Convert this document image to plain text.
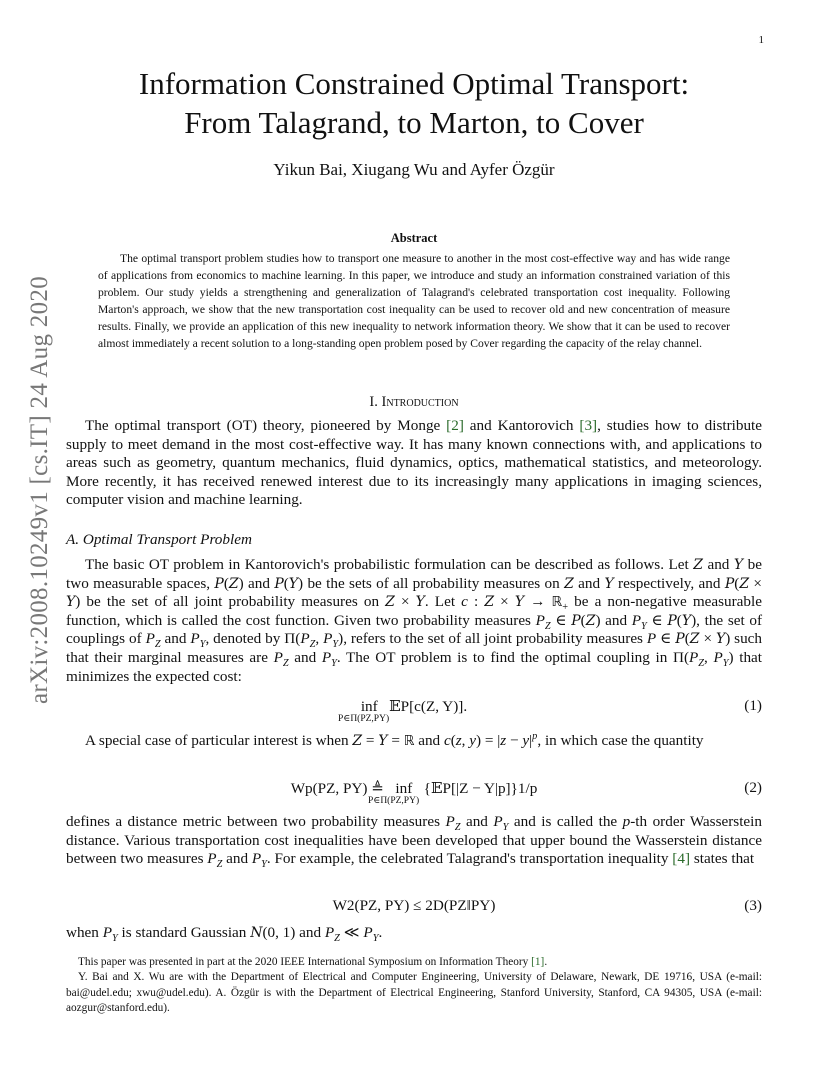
1
arXiv:2008.10249v1 [cs.IT] 24 Aug 2020
Information Constrained Optimal Transport:
From Talagrand, to Marton, to Cover
Yikun Bai, Xiugang Wu and Ayfer Özgür
Abstract

The optimal transport problem studies how to transport one measure to another in the most cost-effective way and has wide range of applications from economics to machine learning. In this paper, we introduce and study an information constrained variation of this problem. Our study yields a strengthening and generalization of Talagrand's celebrated transportation cost inequality. Following Marton's approach, we show that the new transportation cost inequality can be used to recover old and new concentration of measure results. Finally, we provide an application of this new inequality to network information theory. We show that it can be used to recover almost immediately a recent solution to a long-standing open problem posed by Cover regarding the capacity of the relay channel.

I. Introduction

The optimal transport (OT) theory, pioneered by Monge [2] and Kantorovich [3], studies how to distribute supply to meet demand in the most cost-effective way. It has many known connections with, and applications to areas such as geometry, quantum mechanics, fluid dynamics, optics, mathematical statistics, and meteorology. More recently, it has received renewed interest due to its increasingly many applications in imaging sciences, computer vision and machine learning.

A. Optimal Transport Problem

The basic OT problem in Kantorovich's probabilistic formulation can be described as follows. Let Z and Y be two measurable spaces, P(Z) and P(Y) be the sets of all probability measures on Z and Y respectively, and P(Z × Y) be the set of all joint probability measures on Z × Y. Let c : Z × Y → ℝ$_+$ be a non-negative measurable function, which is called the cost function. Given two probability measures $P_Z$ ∈ P(Z) and $P_Y$ ∈ P(Y), the set of couplings of $P_Z$ and $P_Y$, denoted by $\Pi(P_Z$, $P_Y$), refers to the set of all joint probability measures P ∈ P(Z × Y) such that their marginal measures are $P_Z$ and $P_Y$. The OT problem is to find the optimal coupling in $\Pi(P_Z$, $P_Y$) that minimizes the expected cost:

inf 𝔼P[c(Z, Y)].
P∈Π(PZ,PY)
(1)

A special case of particular interest is when Z = Y = ℝ and c(z, $y) = |z - y|^p$, in which case the quantity

Wp(PZ, PY) ≜ inf {𝔼P[|Z − Y|p]}1/p
P∈Π(PZ,PY)
(2)

defines a distance metric between two probability measures $P_Z$ and $P_Y$ and is called the p-th order Wasserstein distance. Various transportation cost inequalities have been developed that upper bound the Wasserstein distance between two measures $P_Z$ and $P_Y$. For example, the celebrated Talagrand's transportation inequality [4] states that

W2(PZ, PY) ≤ 2D(PZ‖PY)	(3)

when $P_Y$ is standard Gaussian N(0, 1) and $P_Z$ ≪ $P_Y$.

This paper was presented in part at the 2020 IEEE International Symposium on Information Theory [1].

Y. Bai and X. Wu are with the Department of Electrical and Computer Engineering, University of Delaware, Newark, DE 19716, USA (e-mail: bai@udel.edu; xwu@udel.edu). A. Özgür is with the Department of Electrical Engineering, Stanford University, Stanford, CA 94305, USA (e-mail: aozgur@stanford.edu).
